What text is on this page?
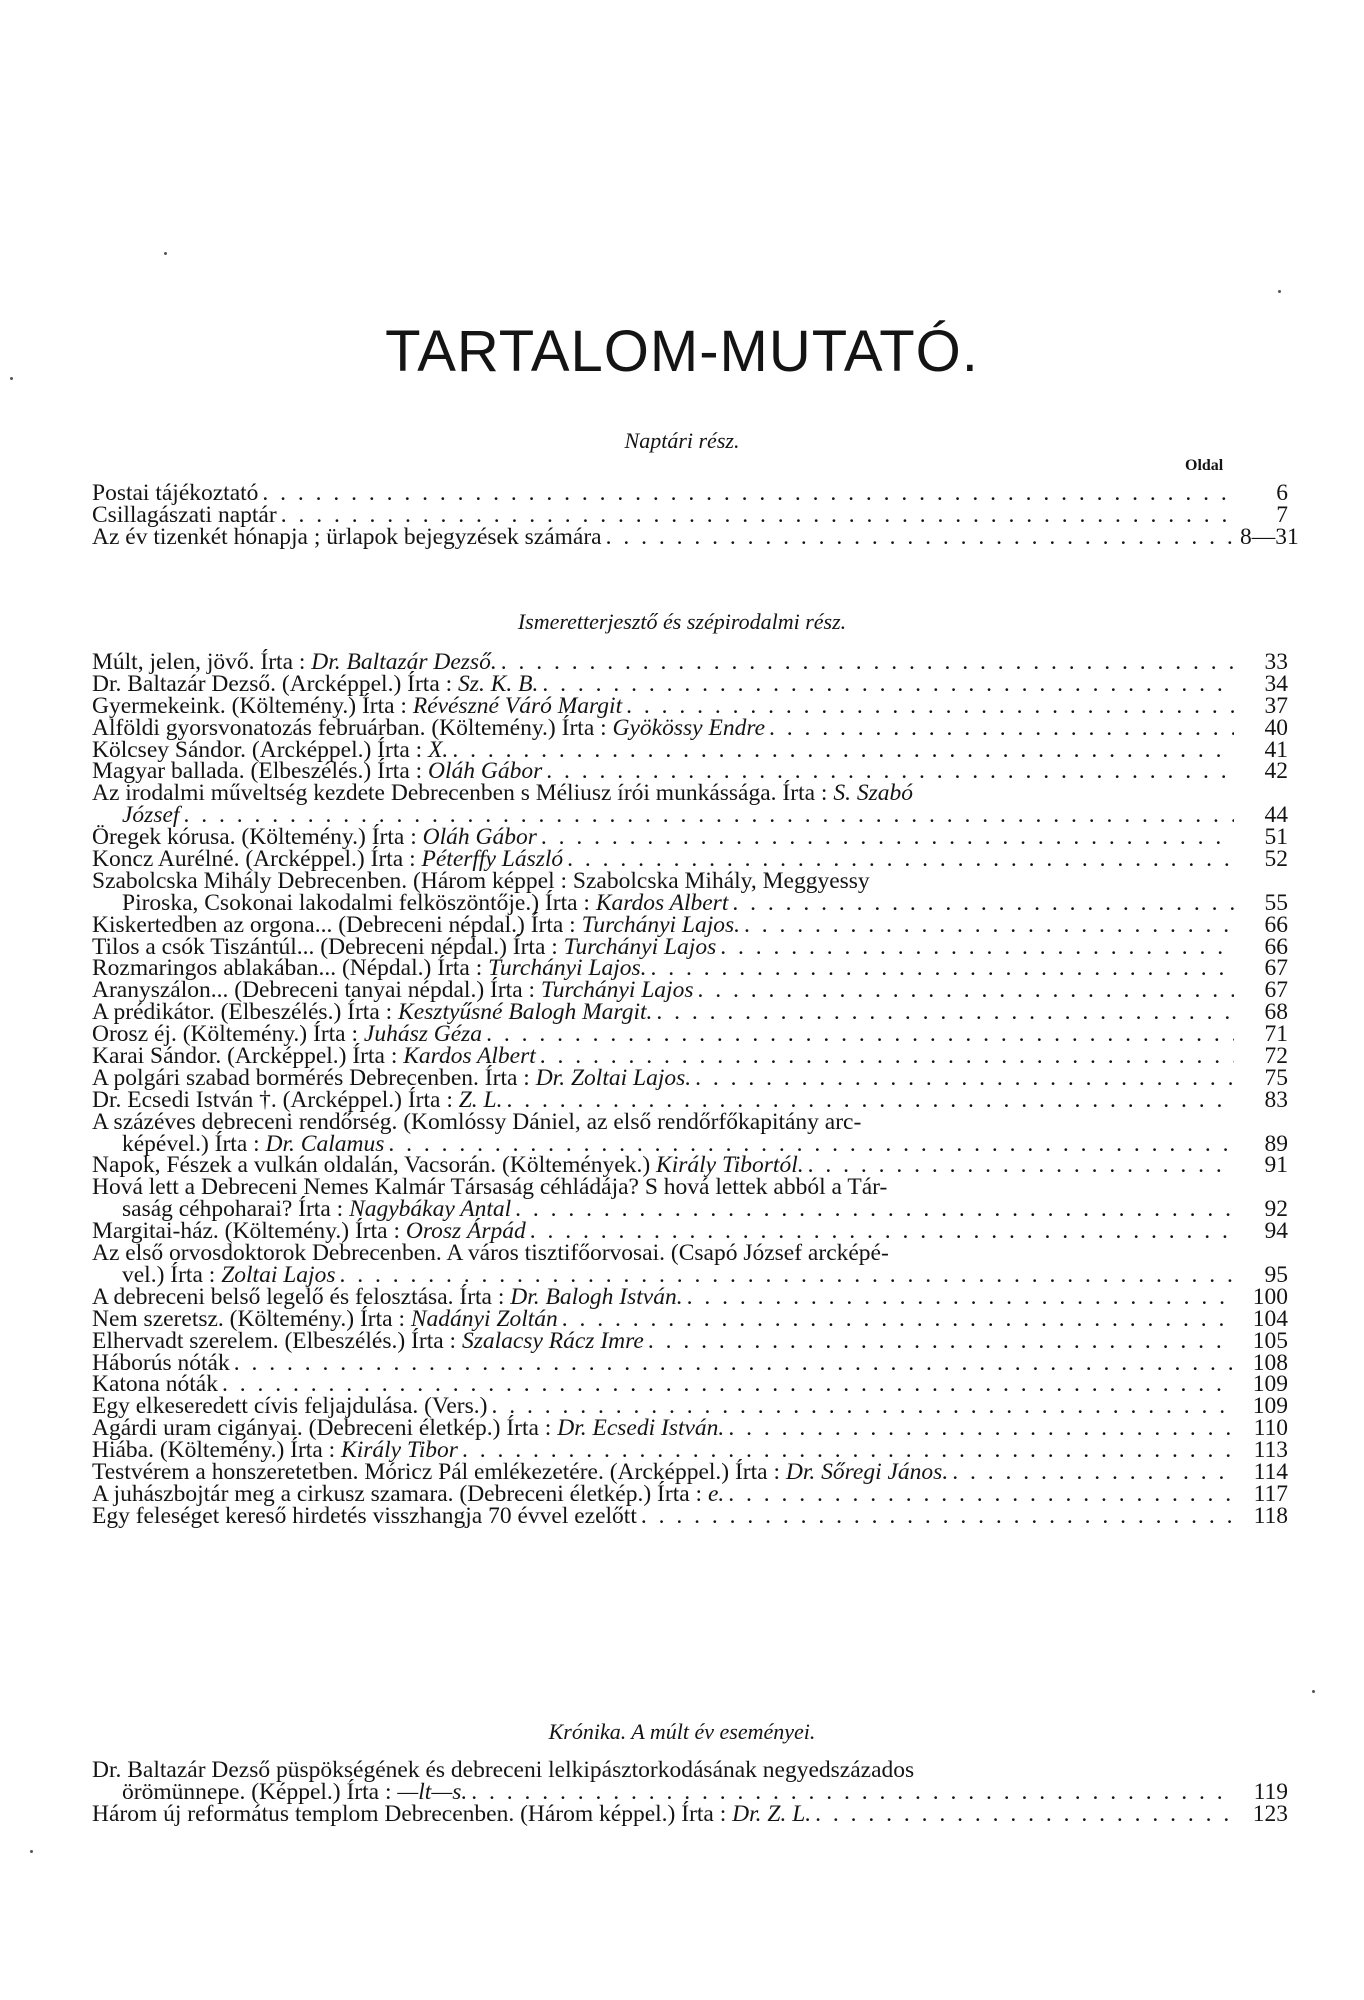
TARTALOM-MUTATÓ.
Naptári rész.
Oldal
Postai tájékoztató . . .	6
Csillagászati naptár . . .	7
Az év tizenkét hónapja ; ürlapok bejegyzések számára . . .	8—31
Ismeretterjesztő és szépirodalmi rész.
Múlt, jelen, jövő. Írta : Dr. Baltazár Dezső. . . .	33
Dr. Baltazár Dezső. (Arcképpel.) Írta : Sz. K. B. . . .	34
Gyermekeink. (Költemény.) Írta : Révészné Váró Margit . . .	37
Alföldi gyorsvonatozás februárban. (Költemény.) Írta : Gyökössy Endre . . .	40
Kölcsey Sándor. (Arcképpel.) Írta : X. . . .	41
Magyar ballada. (Elbeszélés.) Írta : Oláh Gábor . . .	42
Az irodalmi műveltség kezdete Debrecenben s Méliusz írói munkássága. Írta : S. Szabó
József . . .	44
Öregek kórusa. (Költemény.) Írta : Oláh Gábor . . .	51
Koncz Aurélné. (Arcképpel.) Írta : Péterffy László . . .	52
Szabolcska Mihály Debrecenben. (Három képpel : Szabolcska Mihály, Meggyessy
Piroska, Csokonai lakodalmi felköszöntője.) Írta : Kardos Albert . . .	55
Kiskertedben az orgona... (Debreceni népdal.) Írta : Turchányi Lajos. . . .	66
Tilos a csók Tiszántúl... (Debreceni népdal.) Írta : Turchányi Lajos . . .	66
Rozmaringos ablakában... (Népdal.) Írta : Turchányi Lajos. . . .	67
Aranyszálon... (Debreceni tanyai népdal.) Írta : Turchányi Lajos . . .	67
A prédikátor. (Elbeszélés.) Írta : Kesztyűsné Balogh Margit. . . .	68
Orosz éj. (Költemény.) Írta : Juhász Géza . . .	71
Karai Sándor. (Arcképpel.) Írta : Kardos Albert . . .	72
A polgári szabad bormérés Debrecenben. Írta : Dr. Zoltai Lajos. . . .	75
Dr. Ecsedi István †. (Arcképpel.) Írta : Z. L. . . .	83
A százéves debreceni rendőrség. (Komlóssy Dániel, az első rendőrfőkapitány arc-
képével.) Írta : Dr. Calamus . . .	89
Napok, Fészek a vulkán oldalán, Vacsorán. (Költemények.) Király Tibortól. . . .	91
Hová lett a Debreceni Nemes Kalmár Társaság céhládája? S hová lettek abból a Tár-
saság céhpoharai? Írta : Nagybákay Antal . . .	92
Margitai-ház. (Költemény.) Írta : Orosz Árpád . . .	94
Az első orvosdoktorok Debrecenben. A város tisztifőorvosai. (Csapó József arcképé-
vel.) Írta : Zoltai Lajos . . .	95
A debreceni belső legelő és felosztása. Írta : Dr. Balogh István. . . .	100
Nem szeretsz. (Költemény.) Írta : Nadányi Zoltán . . .	104
Elhervadt szerelem. (Elbeszélés.) Írta : Szalacsy Rácz Imre . . .	105
Háborús nóták . . .	108
Katona nóták . . .	109
Egy elkeseredett cívis feljajdulása. (Vers.) . . .	109
Agárdi uram cigányai. (Debreceni életkép.) Írta : Dr. Ecsedi István. . . .	110
Hiába. (Költemény.) Írta : Király Tibor . . .	113
Testvérem a honszeretetben. Móricz Pál emlékezetére. (Arcképpel.) Írta : Dr. Sőregi János. . . .	114
A juhászbojtár meg a cirkusz szamara. (Debreceni életkép.) Írta : e. . . .	117
Egy feleséget kereső hirdetés visszhangja 70 évvel ezelőtt . . .	118
Krónika. A múlt év eseményei.
Dr. Baltazár Dezső püspökségének és debreceni lelkipásztorkodásának negyedszázados
örömünnepe. (Képpel.) Írta : —lt—s. . . .	119
Három új református templom Debrecenben. (Három képpel.) Írta : Dr. Z. L. . . .	123
